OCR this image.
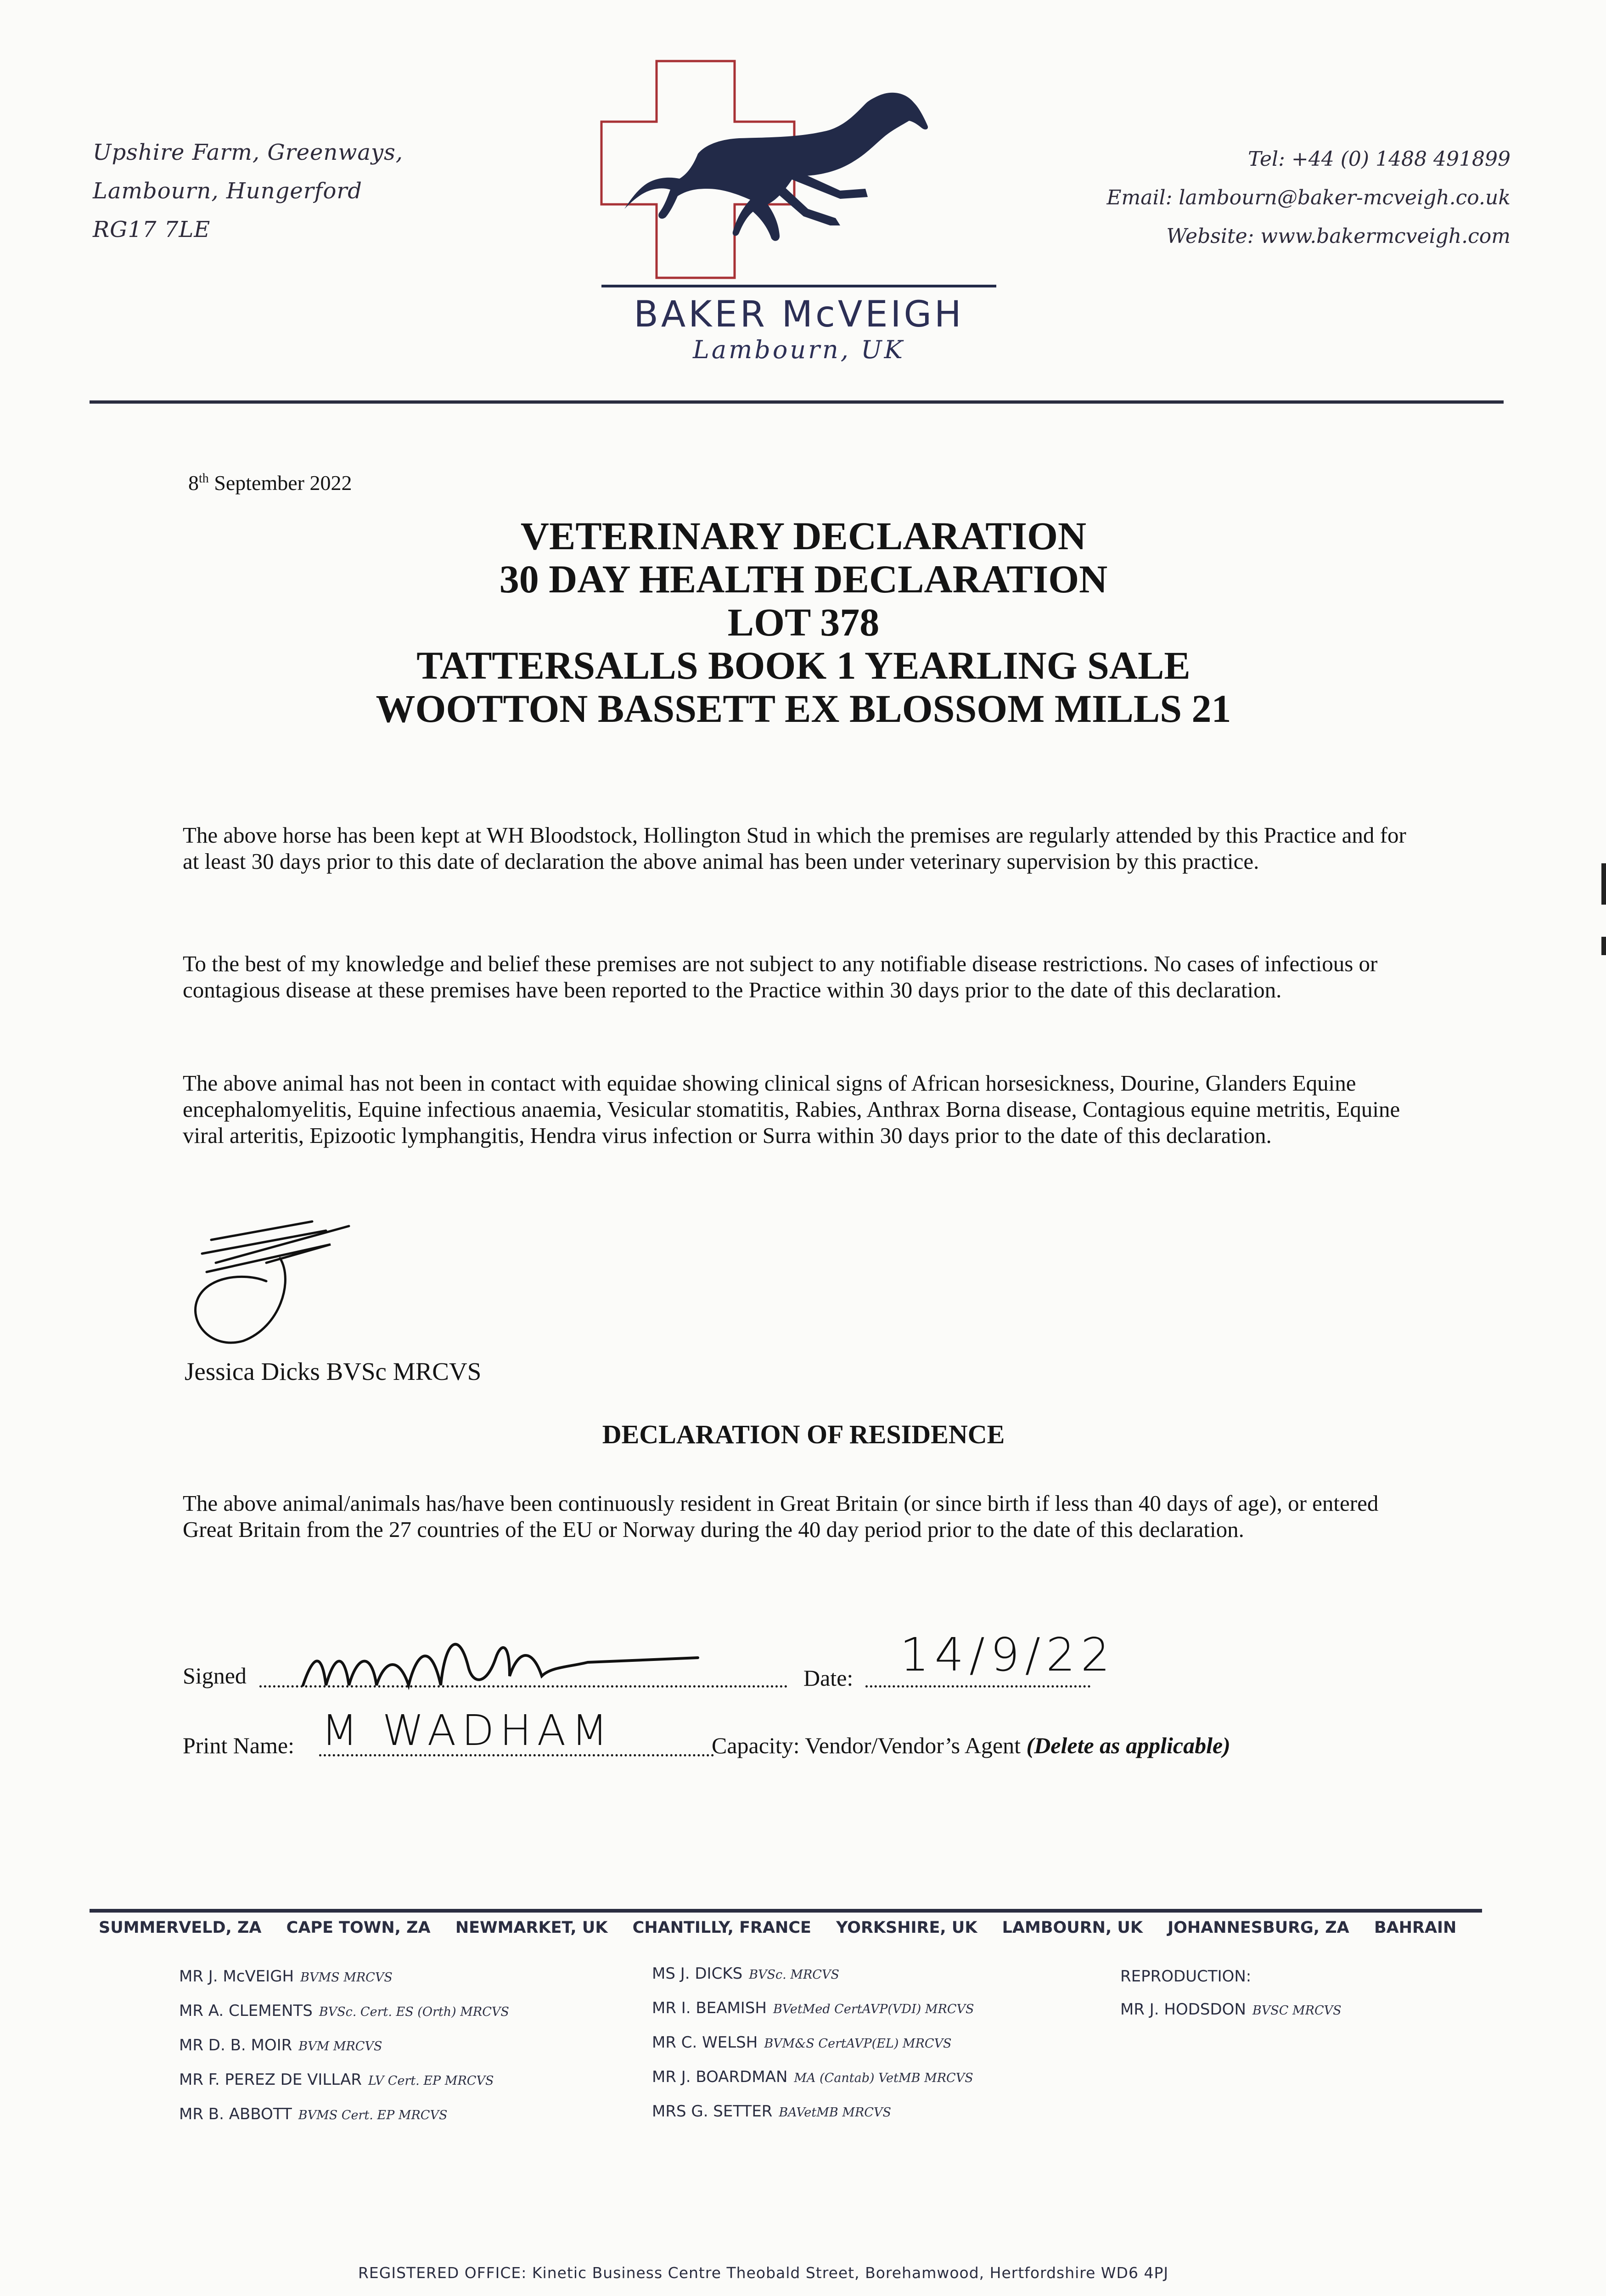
Upshire Farm, Greenways,
Lambourn, Hungerford
RG17 7LE
BAKER McVEIGH
Lambourn, UK
Tel: +44 (0) 1488 491899
Email: lambourn@baker-mcveigh.co.uk
Website: www.bakermcveigh.com
8th September 2022
VETERINARY DECLARATION
30 DAY HEALTH DECLARATION
LOT 378
TATTERSALLS BOOK 1 YEARLING SALE
WOOTTON BASSETT EX BLOSSOM MILLS 21
The above horse has been kept at WH Bloodstock, Hollington Stud in which the premises are regularly attended by this Practice and for at least 30 days prior to this date of declaration the above animal has been under veterinary supervision by this practice.
To the best of my knowledge and belief these premises are not subject to any notifiable disease restrictions. No cases of infectious or contagious disease at these premises have been reported to the Practice within 30 days prior to the date of this declaration.
The above animal has not been in contact with equidae showing clinical signs of African horsesickness, Dourine, Glanders Equine encephalomyelitis, Equine infectious anaemia, Vesicular stomatitis, Rabies, Anthrax Borna disease, Contagious equine metritis, Equine viral arteritis, Epizootic lymphangitis, Hendra virus infection or Surra within 30 days prior to the date of this declaration.
Jessica Dicks BVSc MRCVS
DECLARATION OF RESIDENCE
The above animal/animals has/have been continuously resident in Great Britain (or since birth if less than 40 days of age), or entered Great Britain from the 27 countries of the EU or Norway during the 40 day period prior to the date of this declaration.
Signed	Date: 14/9/22
Print Name: M WADHAM	Capacity: Vendor/Vendor’s Agent (Delete as applicable)
SUMMERVELD, ZA CAPE TOWN, ZA NEWMARKET, UK CHANTILLY, FRANCE YORKSHIRE, UK LAMBOURN, UK JOHANNESBURG, ZA BAHRAIN
MR J. McVEIGH BVMS MRCVS
MR A. CLEMENTS BVSc. Cert. ES (Orth) MRCVS
MR D. B. MOIR BVM MRCVS
MR F. PEREZ DE VILLAR LV Cert. EP MRCVS
MR B. ABBOTT BVMS Cert. EP MRCVS
MS J. DICKS BVSc. MRCVS
MR I. BEAMISH BVetMed CertAVP(VDI) MRCVS
MR C. WELSH BVM&S CertAVP(EL) MRCVS
MR J. BOARDMAN MA (Cantab) VetMB MRCVS
MRS G. SETTER BAVetMB MRCVS
REPRODUCTION:
MR J. HODSDON BVSC MRCVS
REGISTERED OFFICE: Kinetic Business Centre Theobald Street, Borehamwood, Hertfordshire WD6 4PJ
